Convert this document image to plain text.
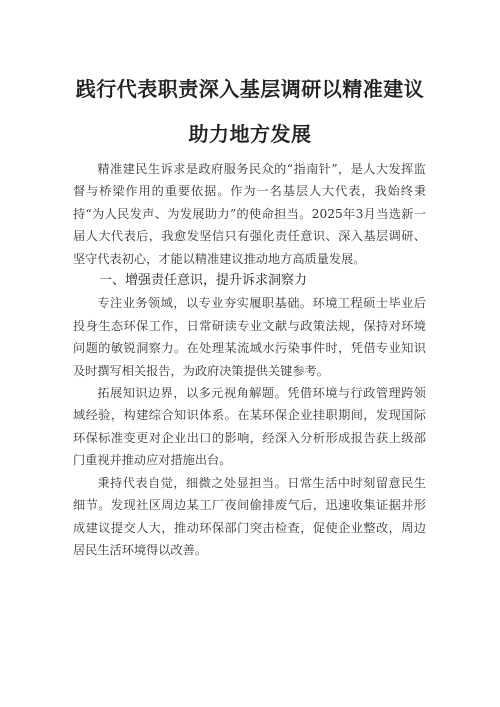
践行代表职责深入基层调研以精准建议
助力地方发展

精准建民生诉求是政府服务民众的“指南针”，是人大发挥监督与桥梁作用的重要依据。作为一名基层人大代表，我始终秉持“为人民发声、为发展助力”的使命担当。2025年3月当选新一届人大代表后，我愈发坚信只有强化责任意识、深入基层调研、坚守代表初心，才能以精准建议推动地方高质量发展。

一、增强责任意识，提升诉求洞察力

专注业务领域，以专业夯实履职基础。环境工程硕士毕业后投身生态环保工作，日常研读专业文献与政策法规，保持对环境问题的敏锐洞察力。在处理某流域水污染事件时，凭借专业知识及时撰写相关报告，为政府决策提供关键参考。

拓展知识边界，以多元视角解题。凭借环境与行政管理跨领域经验，构建综合知识体系。在某环保企业挂职期间，发现国际环保标准变更对企业出口的影响，经深入分析形成报告获上级部门重视并推动应对措施出台。

秉持代表自觉，细微之处显担当。日常生活中时刻留意民生细节。发现社区周边某工厂夜间偷排废气后，迅速收集证据并形成建议提交人大，推动环保部门突击检查，促使企业整改，周边居民生活环境得以改善。
